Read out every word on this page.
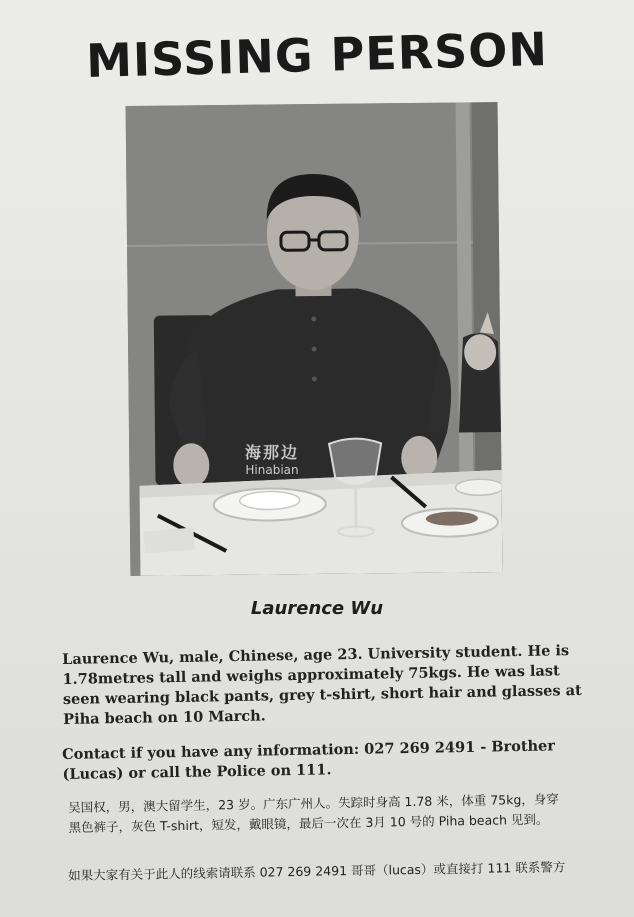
MISSING PERSON
海那边
Hinabian
Laurence Wu
Laurence Wu, male, Chinese, age 23. University student. He is 1.78metres tall and weighs approximately 75kgs. He was last seen wearing black pants, grey t-shirt, short hair and glasses at Piha beach on 10 March.
Contact if you have any information: 027 269 2491 - Brother (Lucas) or call the Police on 111.
吴国权，男，澳大留学生，23 岁。广东广州人。失踪时身高 1.78 米，体重 75kg，身穿黑色裤子，灰色 T-shirt，短发，戴眼镜，最后一次在 3月 10 号的 Piha beach 见到。
如果大家有关于此人的线索请联系 027 269 2491 哥哥（lucas）或直接打 111 联系警方
